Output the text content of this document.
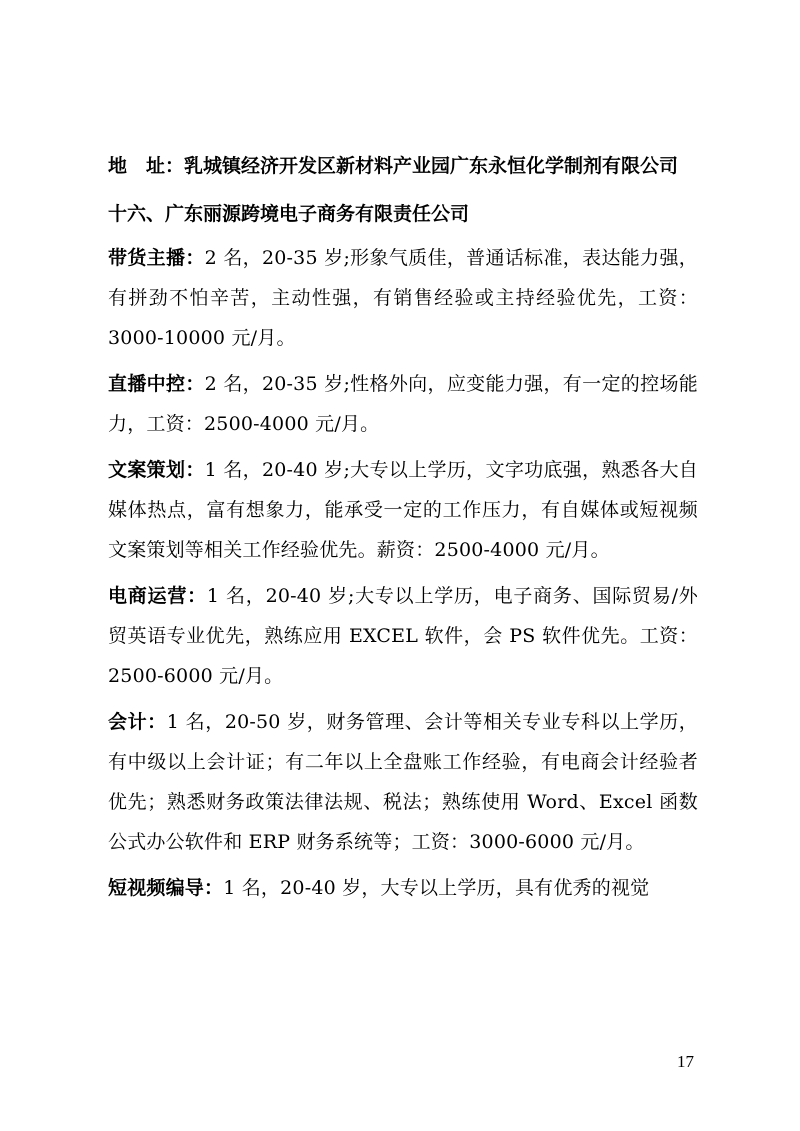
地　址：乳城镇经济开发区新材料产业园广东永恒化学制剂有限公司

十六、广东丽源跨境电子商务有限责任公司

带货主播：2 名，20-35 岁;形象气质佳，普通话标准，表达能力强，有拼劲不怕辛苦，主动性强，有销售经验或主持经验优先，工资：3000-10000 元/月。

直播中控：2 名，20-35 岁;性格外向，应变能力强，有一定的控场能力，工资：2500-4000 元/月。

文案策划：1 名，20-40 岁;大专以上学历，文字功底强，熟悉各大自媒体热点，富有想象力，能承受一定的工作压力，有自媒体或短视频文案策划等相关工作经验优先。薪资：2500-4000 元/月。

电商运营：1 名，20-40 岁;大专以上学历，电子商务、国际贸易/外贸英语专业优先，熟练应用 EXCEL 软件，会 PS 软件优先。工资：2500-6000 元/月。

会计：1 名，20-50 岁，财务管理、会计等相关专业专科以上学历，有中级以上会计证；有二年以上全盘账工作经验，有电商会计经验者优先；熟悉财务政策法律法规、税法；熟练使用 Word、Excel 函数公式办公软件和 ERP 财务系统等；工资：3000-6000 元/月。

短视频编导：1 名，20-40 岁，大专以上学历，具有优秀的视觉

17
